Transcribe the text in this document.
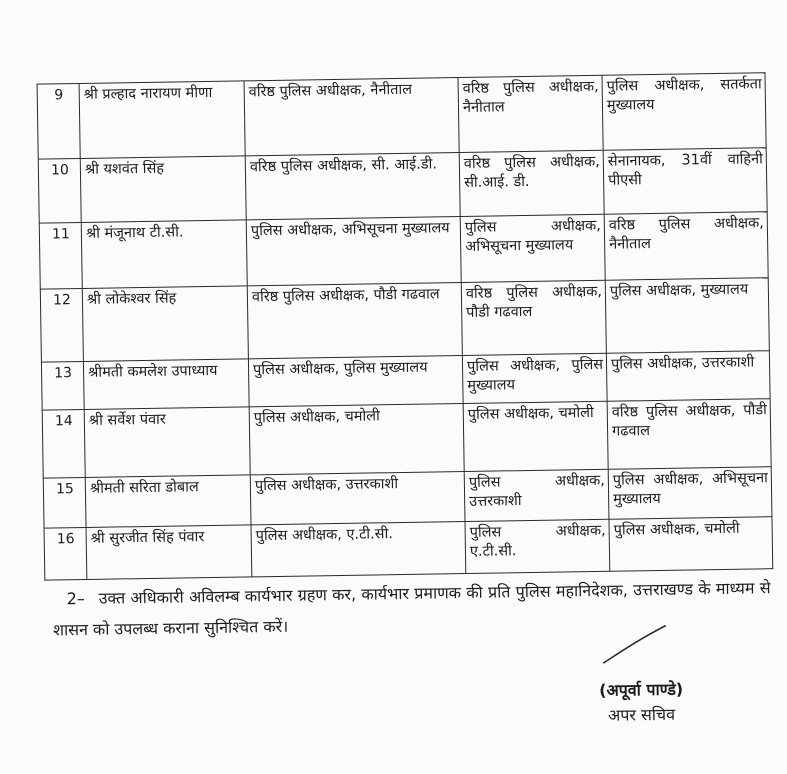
9	श्री प्रल्हाद नारायण मीणा	वरिष्ठ पुलिस अधीक्षक, नैनीताल	वरिष्ठ पुलिस अधीक्षक, नैनीताल	पुलिस अधीक्षक, सतर्कता मुख्यालय
10	श्री यशवंत सिंह	वरिष्ठ पुलिस अधीक्षक, सी. आई.डी.	वरिष्ठ पुलिस अधीक्षक, सी.आई. डी.	सेनानायक, 31वीं वाहिनी पीएसी
11	श्री मंजूनाथ टी.सी.	पुलिस अधीक्षक, अभिसूचना मुख्यालय	पुलिस अधीक्षक, अभिसूचना मुख्यालय	वरिष्ठ पुलिस अधीक्षक, नैनीताल
12	श्री लोकेश्वर सिंह	वरिष्ठ पुलिस अधीक्षक, पौडी गढवाल	वरिष्ठ पुलिस अधीक्षक, पौडी गढवाल	पुलिस अधीक्षक, मुख्यालय
13	श्रीमती कमलेश उपाध्याय	पुलिस अधीक्षक, पुलिस मुख्यालय	पुलिस अधीक्षक, पुलिस मुख्यालय	पुलिस अधीक्षक, उत्तरकाशी
14	श्री सर्वेश पंवार	पुलिस अधीक्षक, चमोली	पुलिस अधीक्षक, चमोली	वरिष्ठ पुलिस अधीक्षक, पौडी गढवाल
15	श्रीमती सरिता डोबाल	पुलिस अधीक्षक, उत्तरकाशी	पुलिस अधीक्षक, उत्तरकाशी	पुलिस अधीक्षक, अभिसूचना मुख्यालय
16	श्री सुरजीत सिंह पंवार	पुलिस अधीक्षक, ए.टी.सी.	पुलिस अधीक्षक, ए.टी.सी.	पुलिस अधीक्षक, चमोली
2– उक्त अधिकारी अविलम्ब कार्यभार ग्रहण कर, कार्यभार प्रमाणक की प्रति पुलिस महानिदेशक, उत्तराखण्ड के माध्यम से शासन को उपलब्ध कराना सुनिश्चित करें।
(अपूर्वा पाण्डे)
अपर सचिव
